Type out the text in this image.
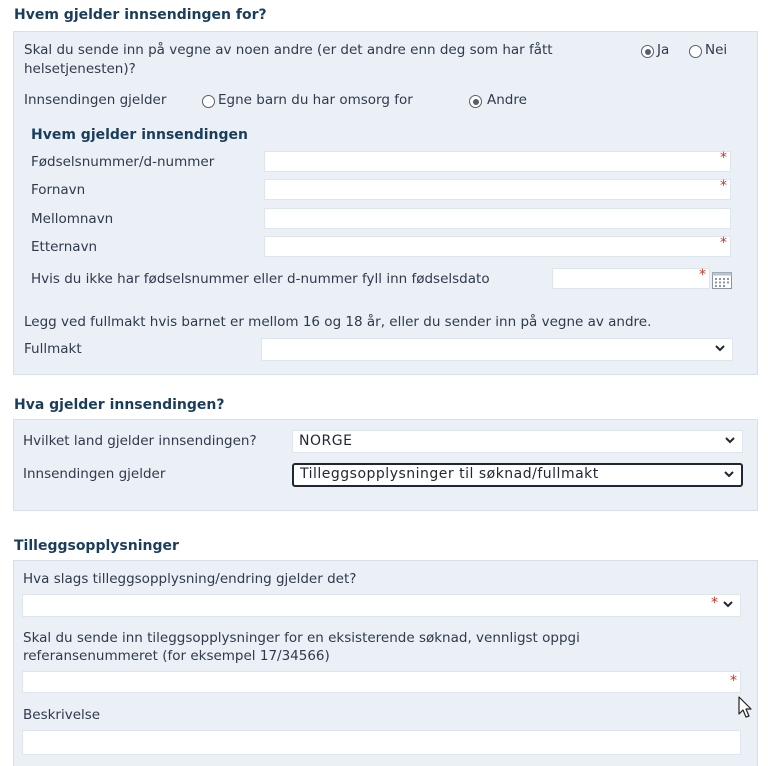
Hvem gjelder innsendingen for?
Skal du sende inn på vegne av noen andre (er det andre enn deg som har fått
helsetjenesten)?
Ja	Nei
Innsendingen gjelder	Egne barn du har omsorg for	Andre
Hvem gjelder innsendingen
Fødselsnummer/d-nummer	*
Fornavn	*
Mellomnavn
Etternavn	*
Hvis du ikke har fødselsnummer eller d-nummer fyll inn fødselsdato	*
Legg ved fullmakt hvis barnet er mellom 16 og 18 år, eller du sender inn på vegne av andre.
Fullmakt
Hva gjelder innsendingen?
Hvilket land gjelder innsendingen?	NORGE
Innsendingen gjelder	Tilleggsopplysninger til søknad/fullmakt
Tilleggsopplysninger
Hva slags tilleggsopplysning/endring gjelder det?
*
Skal du sende inn tileggsopplysninger for en eksisterende søknad, vennligst oppgi
referansenummeret (for eksempel 17/34566)
*
Beskrivelse
